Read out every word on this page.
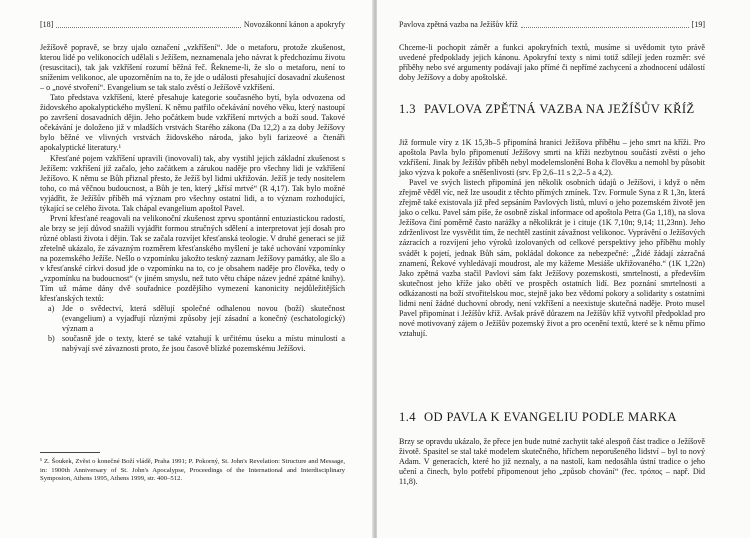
[18]	Novozákonní kánon a apokryfy

Ježíšově popravě, se brzy ujalo označení „vzkříšení“. Jde o metaforu, protože zkušenost, kterou lidé po velikonocích udělali s Ježíšem, neznamenala jeho návrat k předchozímu životu (resuscitaci), tak jak vzkříšení rozumí běžná řeč. Řekneme-li, že slo o metaforu, není to sníženim velikonoc, ale upozorněním na to, že jde o události přesahující dosavadní zkušenost – o „nové stvoření“. Evangelium se tak stalo zvěstí o Ježíšově vzkříšení.

Tato představa vzkříšení, které přesahuje kategorie současného bytí, byla odvozena od židovského apokalyptického myšlení. K němu patřilo očekávání nového věku, který nastoupí po završení dosavadních dějin. Jeho počátkem bude vzkříšení mrtvých a boží soud. Takové očekávání je doloženo již v mladších vrstvách Starého zákona (Da 12,2) a za doby Ježíšovy bylo běžné ve vlivných vrstvách židovského národa, jako byli farizeové a čtenáři apokalyptické literatury.¹

Křesťané pojem vzkříšení upravili (inovovali) tak, aby vystihl jejich základní zkušenost s Ježíšem: vzkříšení již začalo, jeho začátkem a zárukou naděje pro všechny lidi je vzkříšení Ježíšovo. K němu se Bůh přiznal přesto, že Ježíš byl lidmi ukřižován. Ježíš je tedy nositelem toho, co má věčnou budoucnost, a Bůh je ten, který „křísí mrtvé“ (R 4,17). Tak bylo možné vyjádřit, že Ježíšův příběh má význam pro všechny ostatní lidi, a to význam rozhodující, týkající se celého života. Tak chápal evangelium apoštol Pavel.

První křesťané reagovali na velikonoční zkušenost zprvu spontánní entuziastickou radostí, ale brzy se její důvod snažili vyjádřit formou stručných sdělení a interpretovat její dosah pro různé oblasti života i dějin. Tak se začala rozvíjet křesťanská teologie. V druhé generaci se již zřetelně ukázalo, že závazným rozměrem křesťanského myšlení je také uchování vzpomínky na pozemského Ježíše. Nešlo o vzpomínku jakožto teskný zaznam Ježíšovy památky, ale šlo a v křesťanské církvi dosud jde o vzpomínku na to, co je obsahem naděje pro člověka, tedy o „vzpomínku na budoucnost“ (v jiném smyslu, než tuto větu chápe název jedné zpátné knihy). Tím už máme dány dvě souřadnice pozdějšího vymezení kanonicity nejdůležitějších křesťanských textů:

a) Jde o svědectví, která sdělují společné odhalenou novou (boží) skutečnost (evangelium) a vyjadřují různými způsoby její zásadní a konečný (eschatologický) význam a
b) současně jde o texty, které se také vztahují k určitému úseku a místu minulosti a nabývají své závaznosti proto, že jsou časově blízké pozemskému Ježíšovi.
¹ Z. Šoukek, Zvěst o konečné Boží vládě, Praha 1991; P. Pokorný, St. John's Revelation: Structure and Message, in: 1900th Anniversary of St. John's Apocalypse, Proceedings of the International and Interdisciplinary Symposion, Athens 1995, Athens 1999, str. 400–512.
Pavlova zpětná vazba na Ježíšův kříž	[19]

Chceme-li pochopit záměr a funkci apokryfních textů, musíme si uvědomit tyto právě uvedené předpoklady jejich kánonu. Apokryfní texty s nimi totiž sdílejí jeden rozměr: své příběhy nebo své argumenty podávají jako přímé či nepřímé zachycení a zhodnocení událostí doby Ježíšovy a doby apoštolské.

1.3 PAVLOVA ZPĚTNÁ VAZBA NA JEŽÍŠŮV KŘÍŽ

Již formule víry z 1K 15,3b–5 připomíná hranici Ježíšova příběhu – jeho smrt na kříži. Pro apoštola Pavla bylo připomenutí Ježíšovy smrti na kříži nezbytnou součástí zvěsti o jeho vzkříšení. Jinak by Ježíšův příběh nebyl modelemslonění Boha k člověku a nemohl by působit jako výzva k pokoře a sněšenlivosti (srv. Fp 2,6–11 s 2,2–5 a 4,2).

Pavel ve svých listech připomíná jen několik osobních údajů o Ježíšovi, i když o něm zřejmě věděl víc, než lze usoudit z těchto přímých zmínek. Tzv. Formule Syna z R 1,3n, která zřejmě také existovala již před sepsáním Pavlových listů, mluví o jeho pozemském životě jen jako o celku. Pavel sám píše, že osobně získal informace od apoštola Petra (Ga 1,18), na slova Ježíšova činí poměrně často narážky a několikrát je i cituje (1K 7,10n; 9,14; 11,23nn). Jeho zdrženlivost lze vysvětlit tím, že nechtěl zastínit závažnost velikonoc. Vyprávění o Ježíšových zázracích a rozvíjení jeho výroků izolovaných od celkové perspektivy jeho příběhu mohly svádět k pojetí, jednak Bůh sám, pokládal dokonce za nebezpečné: „Židé žádají zázračná znamení, Řekové vyhledávají moudrost, ale my kážeme Mesiáše ukřižovaného.“ (1K 1,22n) Jako zpětná vazba stačil Pavlovi sám fakt Ježíšovy pozemskosti, smrtelnosti, a především skutečnost jeho kříže jako obětí ve prospěch ostatních lidí. Bez poznání smrtelnosti a odkázanosti na boží stvořitelskou moc, stejně jako bez vědomí pokory a solidarity s ostatními lidmi není žádné duchovní obrody, není vzkříšení a neexistuje skutečná naděje. Proto musel Pavel připomínat i Ježíšův kříž. Avšak právě důrazem na Ježíšův kříž vytvořil předpoklad pro nové motivovaný zájem o Ježíšův pozemský život a pro ocenění textů, které se k němu přímo vztahují.

1.4 OD PAVLA K EVANGELIU PODLE MARKA

Brzy se opravdu ukázalo, že přece jen bude nutné zachytit také alespoň část tradice o Ježíšově životě. Spasitel se stal také modelem skutečného, hříchem neporušeného lidství – byl to nový Adam. V generacích, které ho již neznaly, a na nastolí, kam nedosáhla ústní tradice o jeho učení a činech, bylo potřebí připomenout jeho „způsob chování“ (řec. τρόπος – např. Did 11,8).
